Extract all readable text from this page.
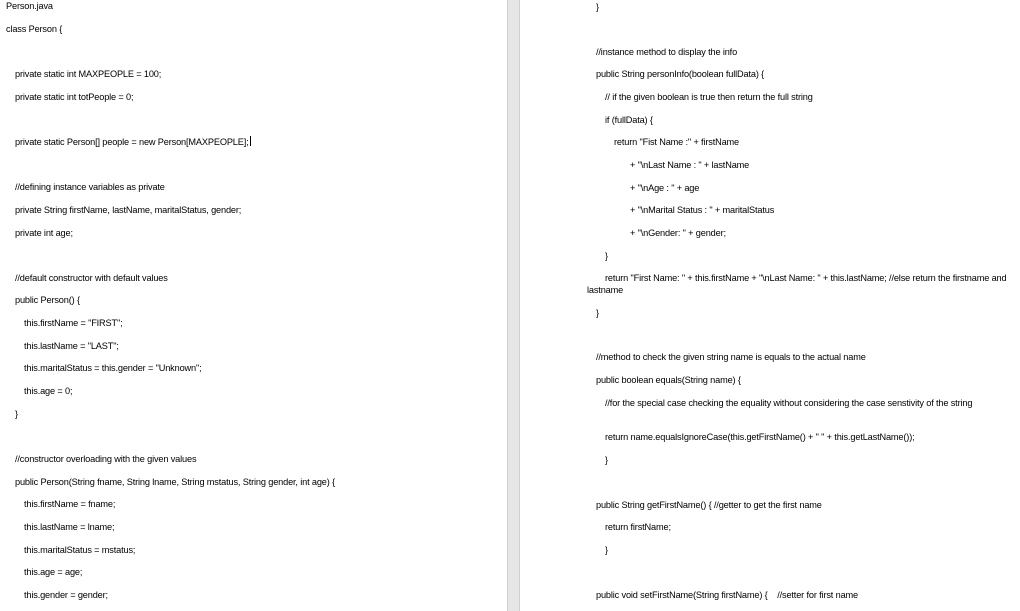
Person.java
class Person {
private static int MAXPEOPLE = 100;
private static int totPeople = 0;
private static Person[] people = new Person[MAXPEOPLE];
//defining instance variables as private
private String firstName, lastName, maritalStatus, gender;
private int age;
//default constructor with default values
public Person() {
this.firstName = "FIRST";
this.lastName = "LAST";
this.maritalStatus = this.gender = "Unknown";
this.age = 0;
}
//constructor overloading with the given values
public Person(String fname, String lname, String mstatus, String gender, int age) {
this.firstName = fname;
this.lastName = lname;
this.maritalStatus = mstatus;
this.age = age;
this.gender = gender;
}
//instance method to display the info
public String personInfo(boolean fullData) {
// if the given boolean is true then return the full string
if (fullData) {
return "Fist Name :" + firstName
+ "\nLast Name : " + lastName
+ "\nAge : " + age
+ "\nMarital Status : " + maritalStatus
+ "\nGender: " + gender;
}
return "First Name: " + this.firstName + "\nLast Name: " + this.lastName; //else return the firstname and lastname
}
//method to check the given string name is equals to the actual name
public boolean equals(String name) {
//for the special case checking the equality without considering the case senstivity of the string
return name.equalsIgnoreCase(this.getFirstName() + " " + this.getLastName());
}
public String getFirstName() { //getter to get the first name
return firstName;
}
public void setFirstName(String firstName) {    //setter for first name
